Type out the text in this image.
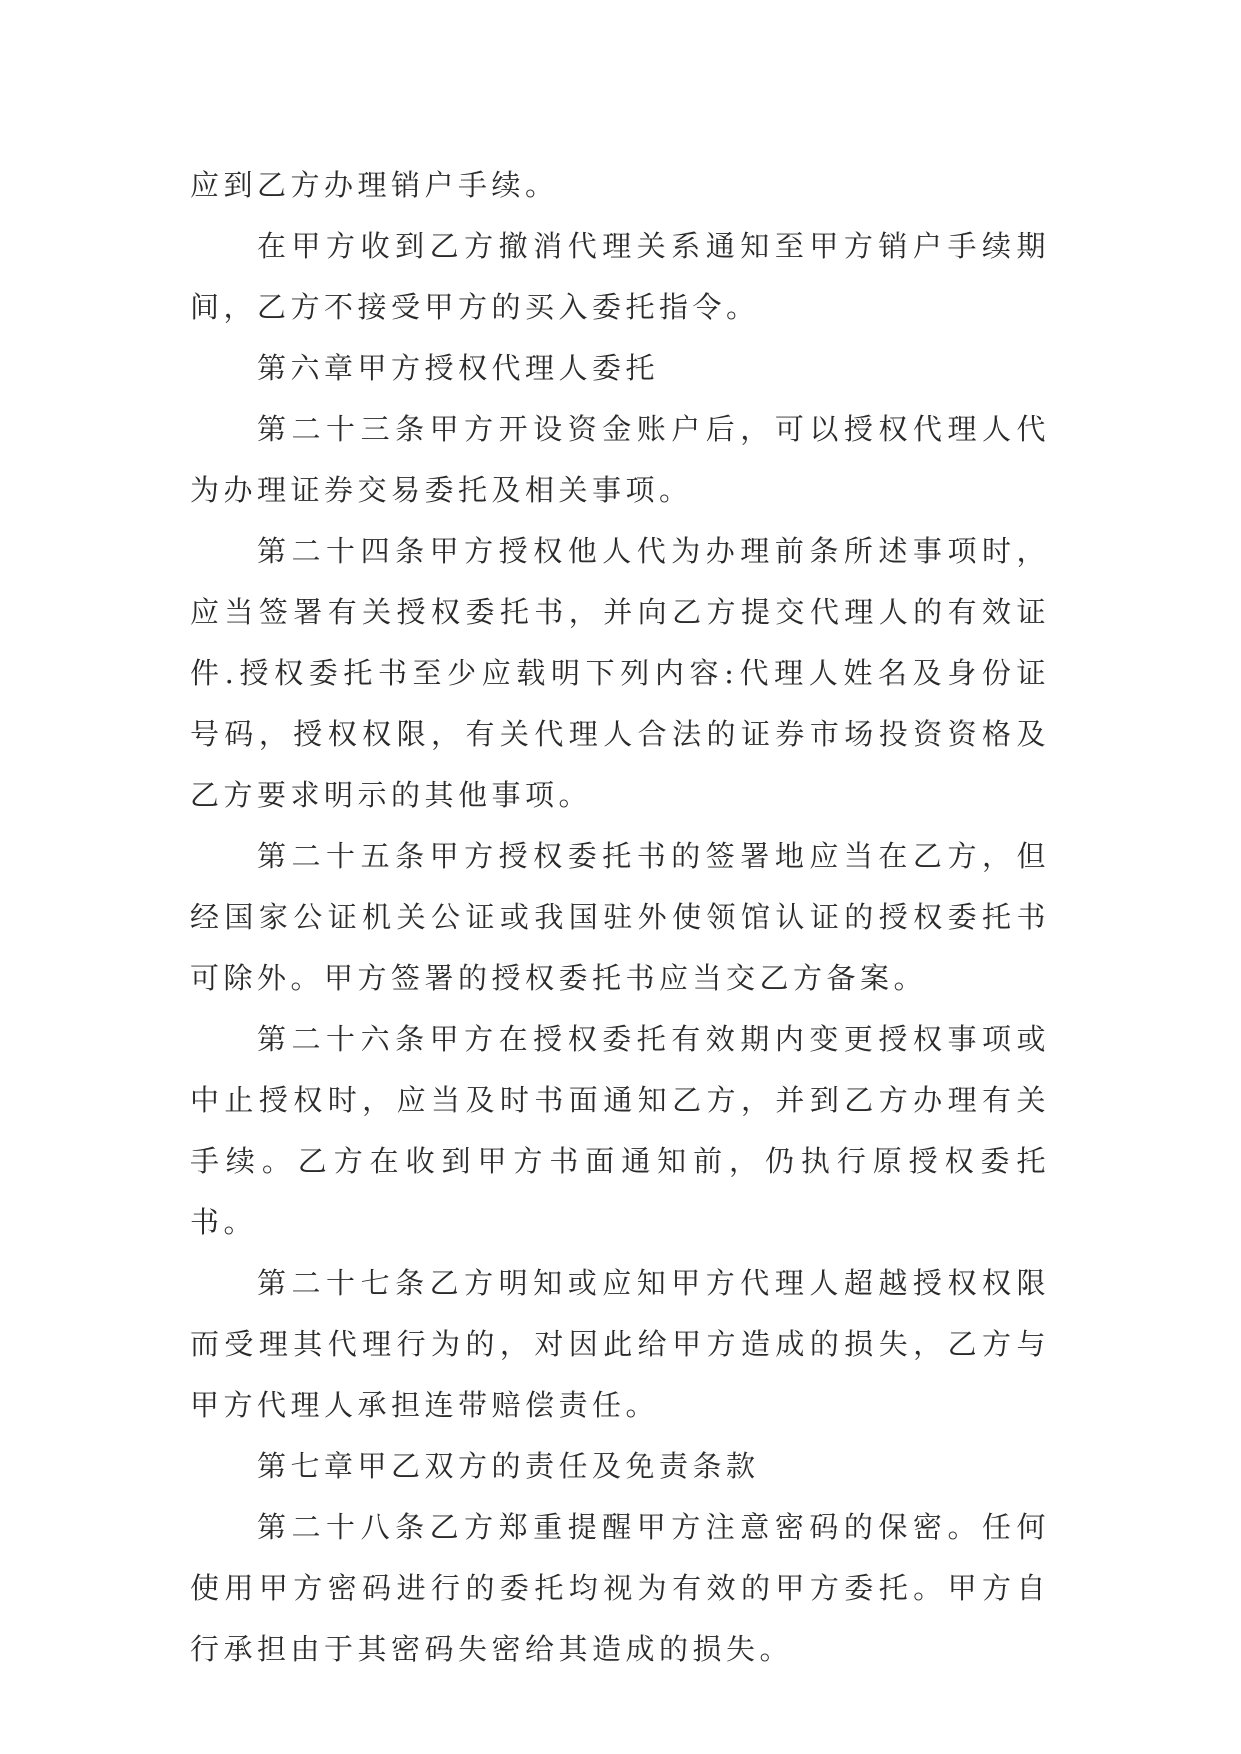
应到乙方办理销户手续。

在甲方收到乙方撤消代理关系通知至甲方销户手续期间，乙方不接受甲方的买入委托指令。

第六章甲方授权代理人委托

第二十三条甲方开设资金账户后，可以授权代理人代为办理证券交易委托及相关事项。

第二十四条甲方授权他人代为办理前条所述事项时，应当签署有关授权委托书，并向乙方提交代理人的有效证件.授权委托书至少应载明下列内容:代理人姓名及身份证号码，授权权限，有关代理人合法的证券市场投资资格及乙方要求明示的其他事项。

第二十五条甲方授权委托书的签署地应当在乙方，但经国家公证机关公证或我国驻外使领馆认证的授权委托书可除外。甲方签署的授权委托书应当交乙方备案。

第二十六条甲方在授权委托有效期内变更授权事项或中止授权时，应当及时书面通知乙方，并到乙方办理有关手续。乙方在收到甲方书面通知前，仍执行原授权委托书。

第二十七条乙方明知或应知甲方代理人超越授权权限而受理其代理行为的，对因此给甲方造成的损失，乙方与甲方代理人承担连带赔偿责任。

第七章甲乙双方的责任及免责条款

第二十八条乙方郑重提醒甲方注意密码的保密。任何使用甲方密码进行的委托均视为有效的甲方委托。甲方自行承担由于其密码失密给其造成的损失。
